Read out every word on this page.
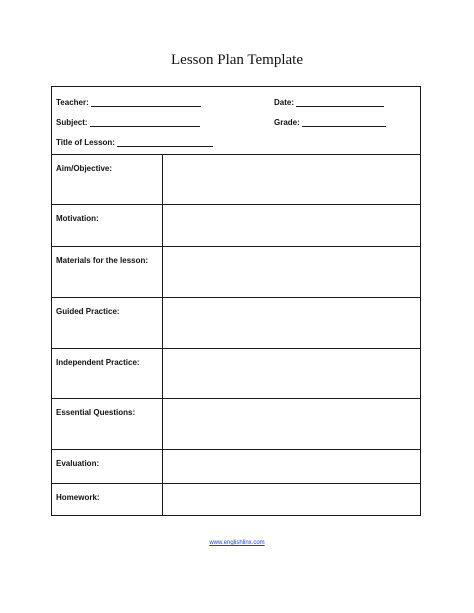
Lesson Plan Template
Teacher:	Date:
Subject:	Grade:
Title of Lesson:
Aim/Objective:
Motivation:
Materials for the lesson:
Guided Practice:
Independent Practice:
Essential Questions:
Evaluation:
Homework:
www.englishlinx.com
